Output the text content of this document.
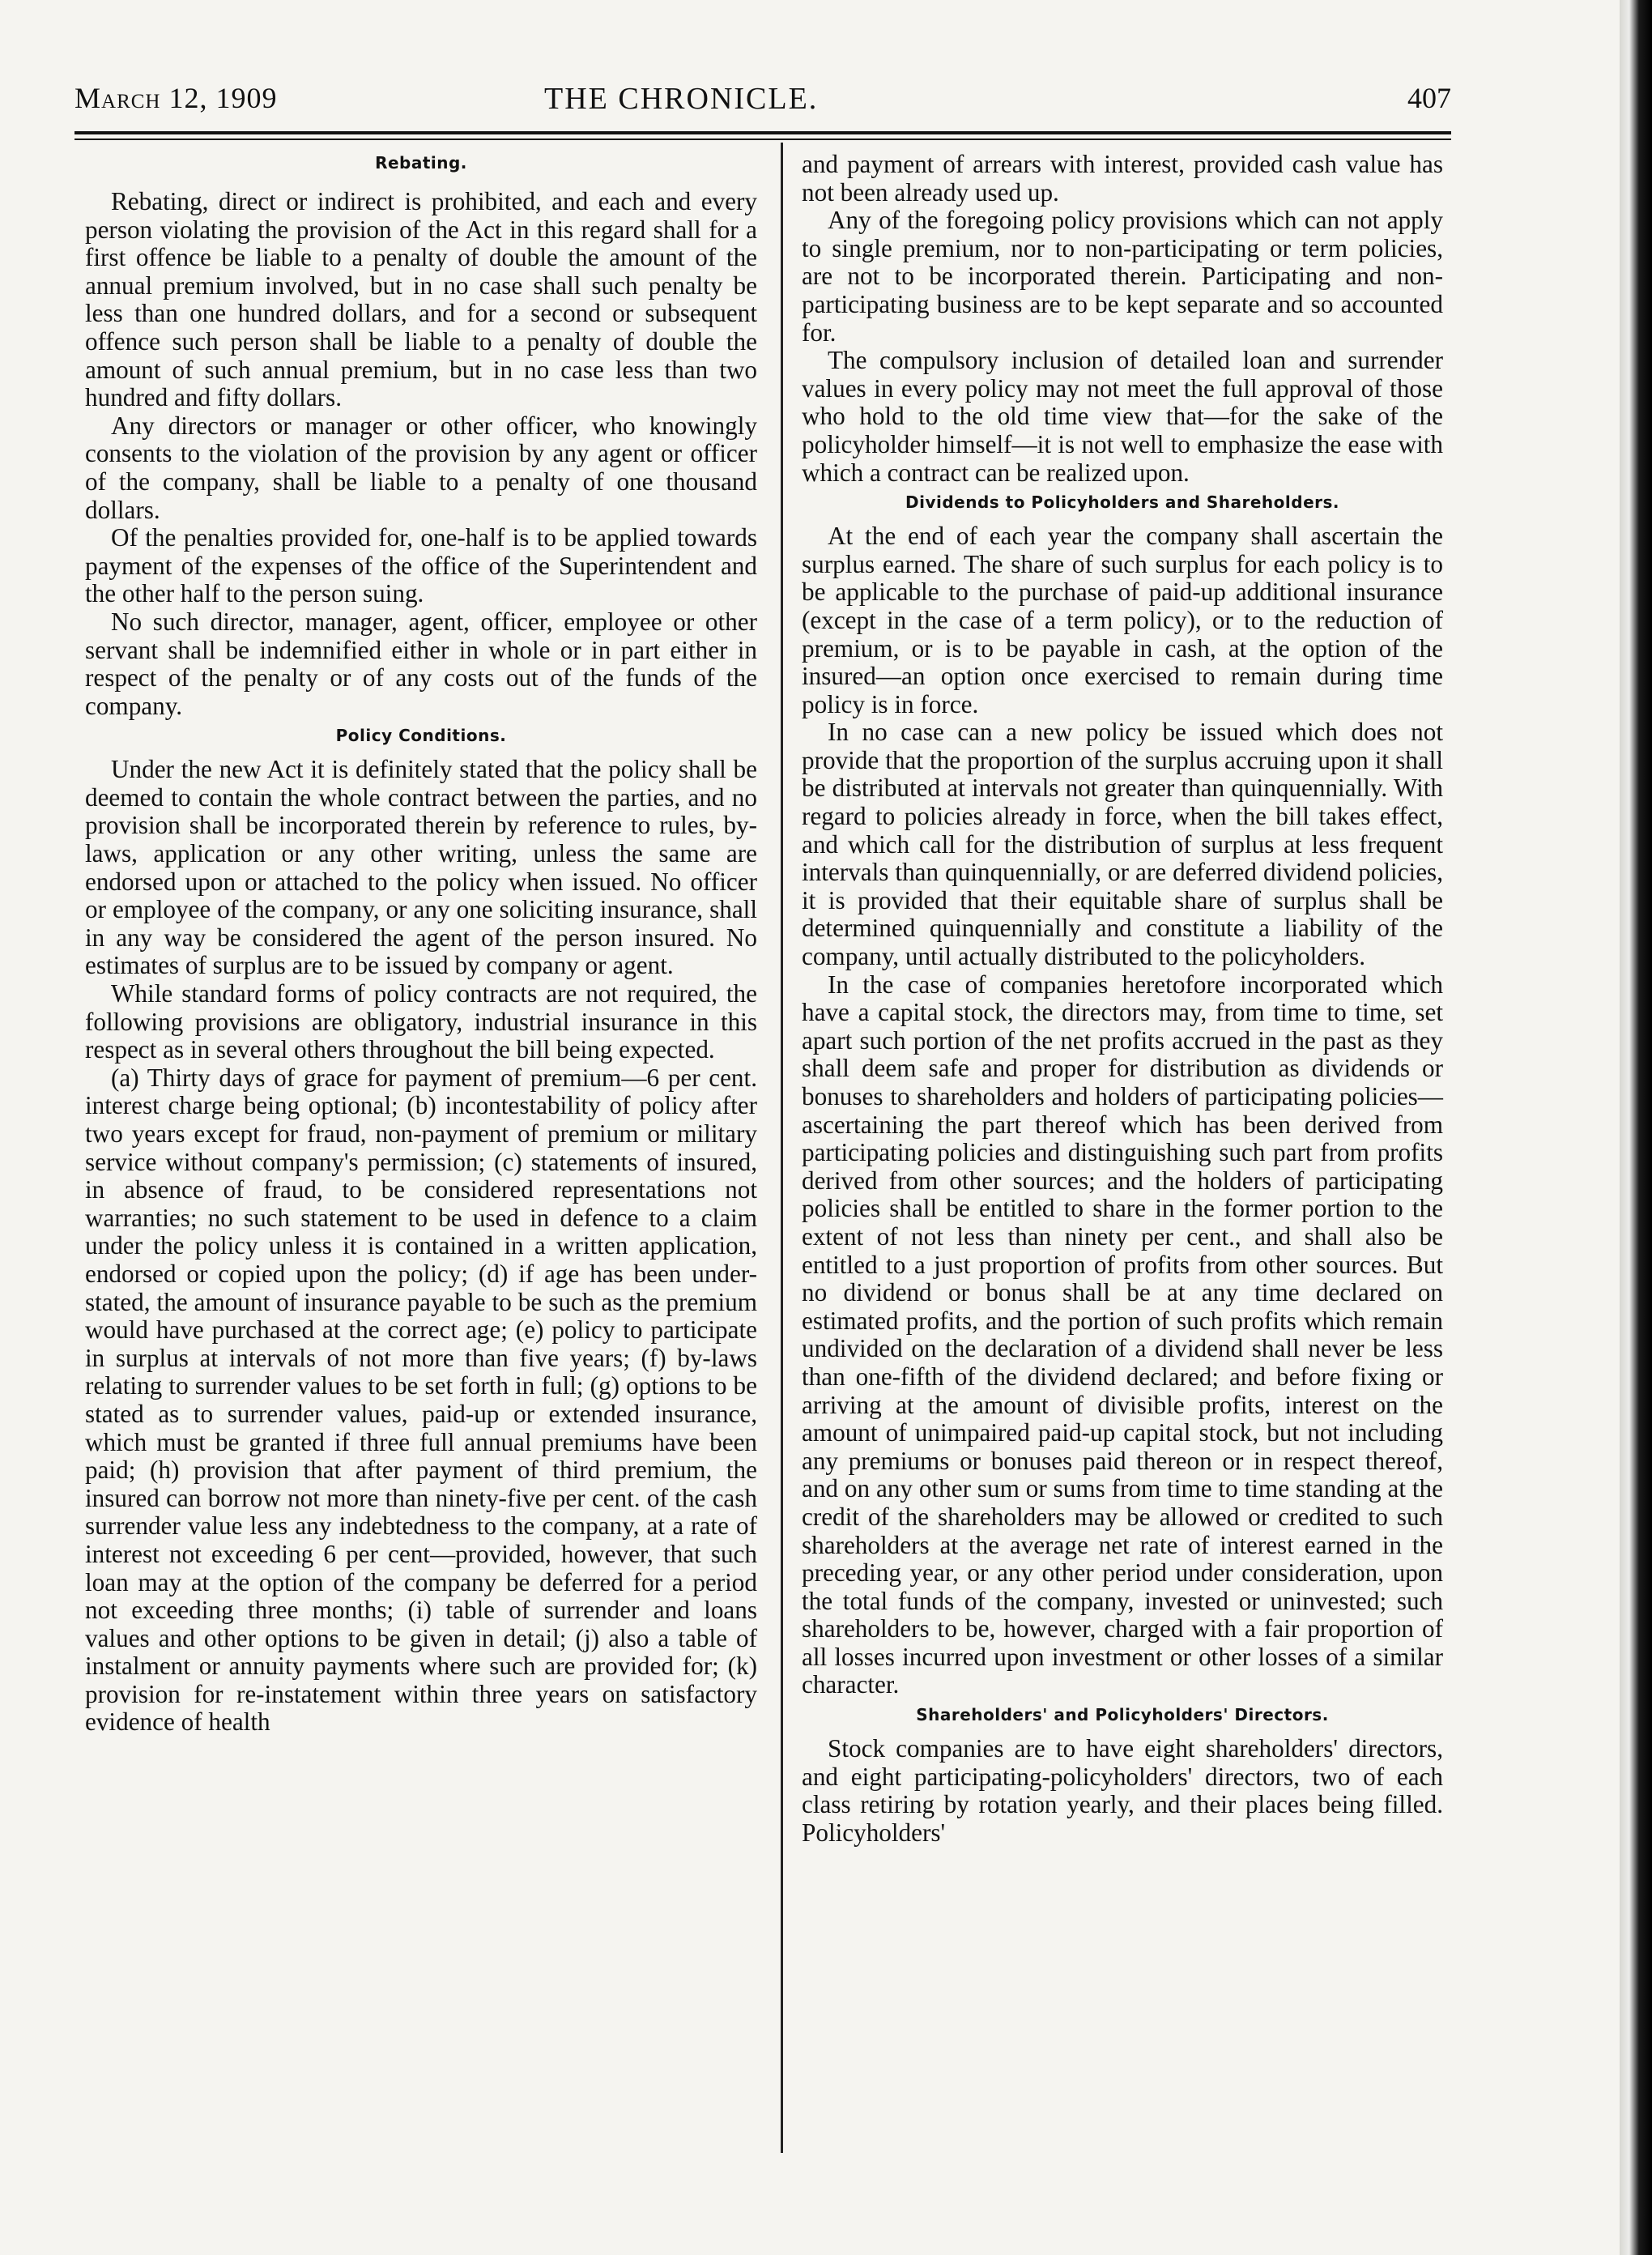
March 12, 1909	THE CHRONICLE.	407
Rebating.

Rebating, direct or indirect is prohibited, and each and every person violating the provision of the Act in this regard shall for a first offence be liable to a penalty of double the amount of the annual premium involved, but in no case shall such penalty be less than one hundred dollars, and for a second or subsequent offence such person shall be liable to a penalty of double the amount of such annual premium, but in no case less than two hundred and fifty dollars.

Any directors or manager or other officer, who knowingly consents to the violation of the provision by any agent or officer of the company, shall be liable to a penalty of one thousand dollars.

Of the penalties provided for, one-half is to be applied towards payment of the expenses of the office of the Superintendent and the other half to the person suing.

No such director, manager, agent, officer, employee or other servant shall be indemnified either in whole or in part either in respect of the penalty or of any costs out of the funds of the company.

Policy Conditions.

Under the new Act it is definitely stated that the policy shall be deemed to contain the whole contract between the parties, and no provision shall be incorporated therein by reference to rules, by-laws, application or any other writing, unless the same are endorsed upon or attached to the policy when issued. No officer or employee of the company, or any one soliciting insurance, shall in any way be considered the agent of the person insured. No estimates of surplus are to be issued by company or agent.

While standard forms of policy contracts are not required, the following provisions are obligatory, industrial insurance in this respect as in several others throughout the bill being expected.

(a) Thirty days of grace for payment of premium—6 per cent. interest charge being optional; (b) incontestability of policy after two years except for fraud, non-payment of premium or military service without company's permission; (c) statements of insured, in absence of fraud, to be considered representations not warranties; no such statement to be used in defence to a claim under the policy unless it is contained in a written application, endorsed or copied upon the policy; (d) if age has been under-stated, the amount of insurance payable to be such as the premium would have purchased at the correct age; (e) policy to participate in surplus at intervals of not more than five years; (f) by-laws relating to surrender values to be set forth in full; (g) options to be stated as to surrender values, paid-up or extended insurance, which must be granted if three full annual premiums have been paid; (h) provision that after payment of third premium, the insured can borrow not more than ninety-five per cent. of the cash surrender value less any indebtedness to the company, at a rate of interest not exceeding 6 per cent—provided, however, that such loan may at the option of the company be deferred for a period not exceeding three months; (i) table of surrender and loans values and other options to be given in detail; (j) also a table of instalment or annuity payments where such are provided for; (k) provision for re-instatement within three years on satisfactory evidence of health

and payment of arrears with interest, provided cash value has not been already used up.

Any of the foregoing policy provisions which can not apply to single premium, nor to non-participating or term policies, are not to be incorporated therein. Participating and non-participating business are to be kept separate and so accounted for.

The compulsory inclusion of detailed loan and surrender values in every policy may not meet the full approval of those who hold to the old time view that—for the sake of the policyholder himself—it is not well to emphasize the ease with which a contract can be realized upon.

Dividends to Policyholders and Shareholders.

At the end of each year the company shall ascertain the surplus earned. The share of such surplus for each policy is to be applicable to the purchase of paid-up additional insurance (except in the case of a term policy), or to the reduction of premium, or is to be payable in cash, at the option of the insured—an option once exercised to remain during time policy is in force.

In no case can a new policy be issued which does not provide that the proportion of the surplus accruing upon it shall be distributed at intervals not greater than quinquennially. With regard to policies already in force, when the bill takes effect, and which call for the distribution of surplus at less frequent intervals than quinquennially, or are deferred dividend policies, it is provided that their equitable share of surplus shall be determined quinquennially and constitute a liability of the company, until actually distributed to the policyholders.

In the case of companies heretofore incorporated which have a capital stock, the directors may, from time to time, set apart such portion of the net profits accrued in the past as they shall deem safe and proper for distribution as dividends or bonuses to shareholders and holders of participating policies—ascertaining the part thereof which has been derived from participating policies and distinguishing such part from profits derived from other sources; and the holders of participating policies shall be entitled to share in the former portion to the extent of not less than ninety per cent., and shall also be entitled to a just proportion of profits from other sources. But no dividend or bonus shall be at any time declared on estimated profits, and the portion of such profits which remain undivided on the declaration of a dividend shall never be less than one-fifth of the dividend declared; and before fixing or arriving at the amount of divisible profits, interest on the amount of unimpaired paid-up capital stock, but not including any premiums or bonuses paid thereon or in respect thereof, and on any other sum or sums from time to time standing at the credit of the shareholders may be allowed or credited to such shareholders at the average net rate of interest earned in the preceding year, or any other period under consideration, upon the total funds of the company, invested or uninvested; such shareholders to be, however, charged with a fair proportion of all losses incurred upon investment or other losses of a similar character.

Shareholders' and Policyholders' Directors.

Stock companies are to have eight shareholders' directors, and eight participating-policyholders' directors, two of each class retiring by rotation yearly, and their places being filled. Policyholders'
